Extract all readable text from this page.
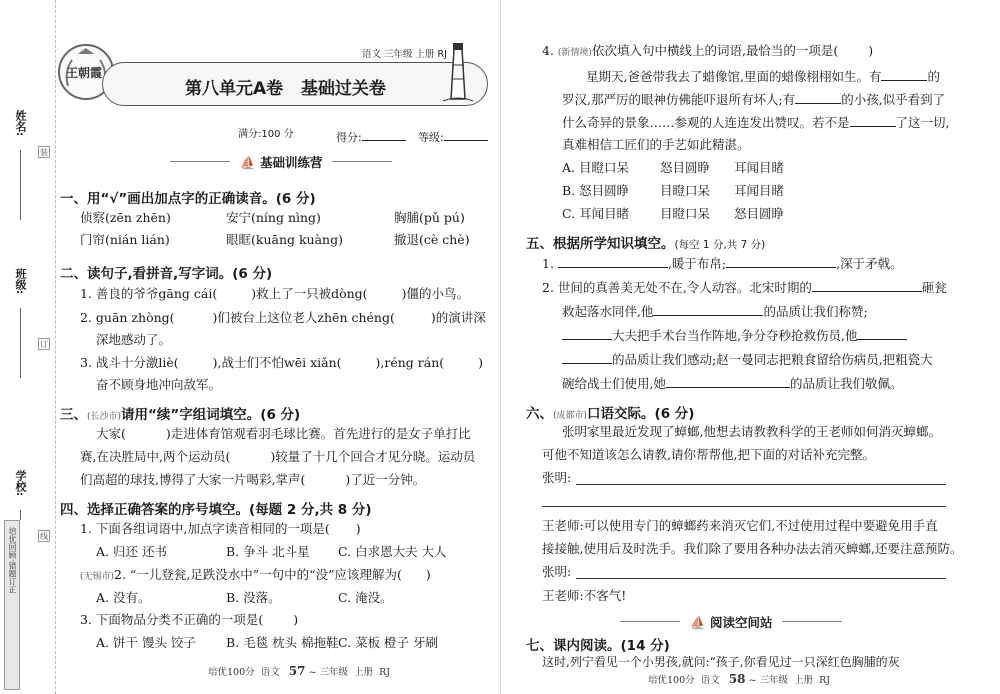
姓名:
班级:
学校:
装
订
线
培优回顾·错题订正
王朝霞
语文 三年级 上册 RJ
第八单元A卷   基础过关卷
满分:100 分	得分:	等级:
⛵ 基础训练营
一、用“√”画出加点字的正确读音。(6 分)
侦察(zēn zhēn)	安宁(níng nìng)	胸脯(pǔ pú)
门帘(nián lián)	眼眶(kuāng kuàng)	撤退(cè chè)
二、读句子,看拼音,写字词。(6 分)
1. 善良的爷爷gāng cái(	)救上了一只被dòng(	)僵的小鸟。
2. guān zhòng(	)们被台上这位老人zhēn chéng(	)的演讲深
深地感动了。
3. 战斗十分激liè(	),战士们不怕wēi xiǎn(	),réng rán(	)
奋不顾身地冲向敌军。
三、(长沙市)请用“续”字组词填空。(6 分)
大家(	)走进体育馆观看羽毛球比赛。首先进行的是女子单打比
赛,在决胜局中,两个运动员(	)较量了十几个回合才见分晓。运动员
们高超的球技,博得了大家一片喝彩,掌声(	)了近一分钟。
四、选择正确答案的序号填空。(每题 2 分,共 8 分)
1. 下面各组词语中,加点字读音相同的一项是( )
A. 归还 还书	B. 争斗 北斗星 C. 白求恩大夫 大人
(无锡市)2. “一儿登瓮,足跌没水中”一句中的“没”应该理解为( )
A. 没有。	B. 没落。	C. 淹没。
3. 下面物品分类不正确的一项是( )
A. 饼干 馒头 饺子 B. 毛毯 枕头 棉拖鞋 C. 菜板 橙子 牙刷
培优100分 语文 57 ~ 三年级 上册 RJ
4. (新情境)依次填入句中横线上的词语,最恰当的一项是( )
星期天,爸爸带我去了蜡像馆,里面的蜡像栩栩如生。有	的
罗汉,那严厉的眼神仿佛能吓退所有坏人;有	的小孩,似乎看到了
什么奇异的景象……参观的人连连发出赞叹。若不是	了这一切,
真难相信工匠们的手艺如此精湛。
A. 目瞪口呆 怒目圆睁 耳闻目睹
B. 怒目圆睁 目瞪口呆 耳闻目睹
C. 耳闻目睹 目瞪口呆 怒目圆睁
五、根据所学知识填空。(每空 1 分,共 7 分)
1.	,暖于布帛;	,深于矛戟。
2. 世间的真善美无处不在,令人动容。北宋时期的	砸瓮
救起落水同伴,他	的品质让我们称赞;
大夫把手术台当作阵地,争分夺秒抢救伤员,他
的品质让我们感动;赵一曼同志把粮食留给伤病员,把粗瓷大
碗给战士们使用,她	的品质让我们敬佩。
六、(成都市)口语交际。(6 分)
张明家里最近发现了蟑螂,他想去请教教科学的王老师如何消灭蟑螂。
可他不知道该怎么请教,请你帮帮他,把下面的对话补充完整。
张明:
王老师:可以使用专门的蟑螂药来消灭它们,不过使用过程中要避免用手直
接接触,使用后及时洗手。我们除了要用各种办法去消灭蟑螂,还要注意预防。
张明:
王老师:不客气!
⛵ 阅读空间站
七、课内阅读。(14 分)
这时,列宁看见一个小男孩,就问:“孩子,你看见过一只深红色胸脯的灰
培优100分 语文 58 ~ 三年级 上册 RJ
